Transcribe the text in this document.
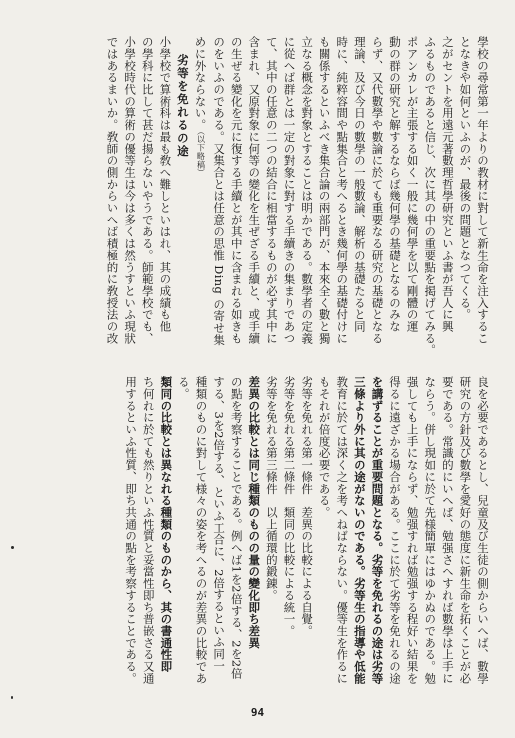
學校の尋常第一年よりの教材に對して新生命を注入するこ
となきや如何といふのが、最後の問題となつてくる。
之がセントを用遠元著數理哲學研究といふ書が吾人に興
ふるものであると信じ、次に其の中の重要點を掲げてみる。
ポアンカレが主張する如く一般に幾何學を以て剛體の運
動の群の研究と解するならば幾何學の基礎となるのみな
らず、又代數學や數論に於ても重要なる研究の基礎となる
理論、及び今日の數學の一般數論、解析の基礎たると同
時に、純粹容間や點集合と考へるとき幾何學の基礎付けに
も關係するといふべき集合論の兩部門が、本來全く數と獨
立なる概念を對象とすることは明かである。數學者の定義
に從へば群とは一定の對象に對する手續きの集まりであつ
て、其中の任意の二つの結合に相當するものが必ず其中に
含まれ、又原對象に何等の變化を生ぜざる手續と、或手續
の生ぜる變化を元に復する手續とが其中に含まれる如きも
のをいふのである。又集合とは任意の思惟 Ding の寄せ集
めに外ならない。（以下略稿）
劣等を免れるの途
小學校で算術科は最も敎へ難しといはれ、其の成績も他
の學科に比して甚だ揚らないやうである。師範學校でも、
小學校時代の算術の優等生は今は多くは然うすといふ現狀
ではあるまいか。敎師の側からいへば積極的に敎授法の改
良を必要であるとし、兒童及び生徒の側からいへば、數學
研究の方針及び數學を愛好の態度に新生命を拓くことが必
要である。常識的にいへば、勉强さへすれば數學は上手に
ならう。併し現如に於て先様簡單にはゆかぬのである。勉
强しても上手にならず、勉强すれば勉强する程好い結果を
得るに遠ざかる場合がある。ここに於て劣等を免れるの途
を講ずることが重要問題となる。劣等を免れるの途は劣等
三條より外に其の途がないのである。劣等生の指導や低能
教育に於ては深く之を考へねばならない。優等生を作るに
もそれが倍度必要である。
劣等を免れる第一條件　差異の比較による自覺。
劣等を免れる第二條件　類同の比較による統一。
劣等を免れる第三條件　以上循環的鍛錬。
差異の比較とは同じ種類のものの量の變化即ち差異
の點を考察することである。例へば1を2倍する、2を2倍
する、3を2倍する、といふ工合に、2倍するといふ同一
種類のものに對して様々の姿を考へるのが差異の比較であ
る。
類同の比較とは異なれる種類のものから、其の書通性即
ち何れに於ても然りといふ性質と妥當性即ち普嵌さる又通
用するといふ性質、即ち共通の點を考察することである。
94
